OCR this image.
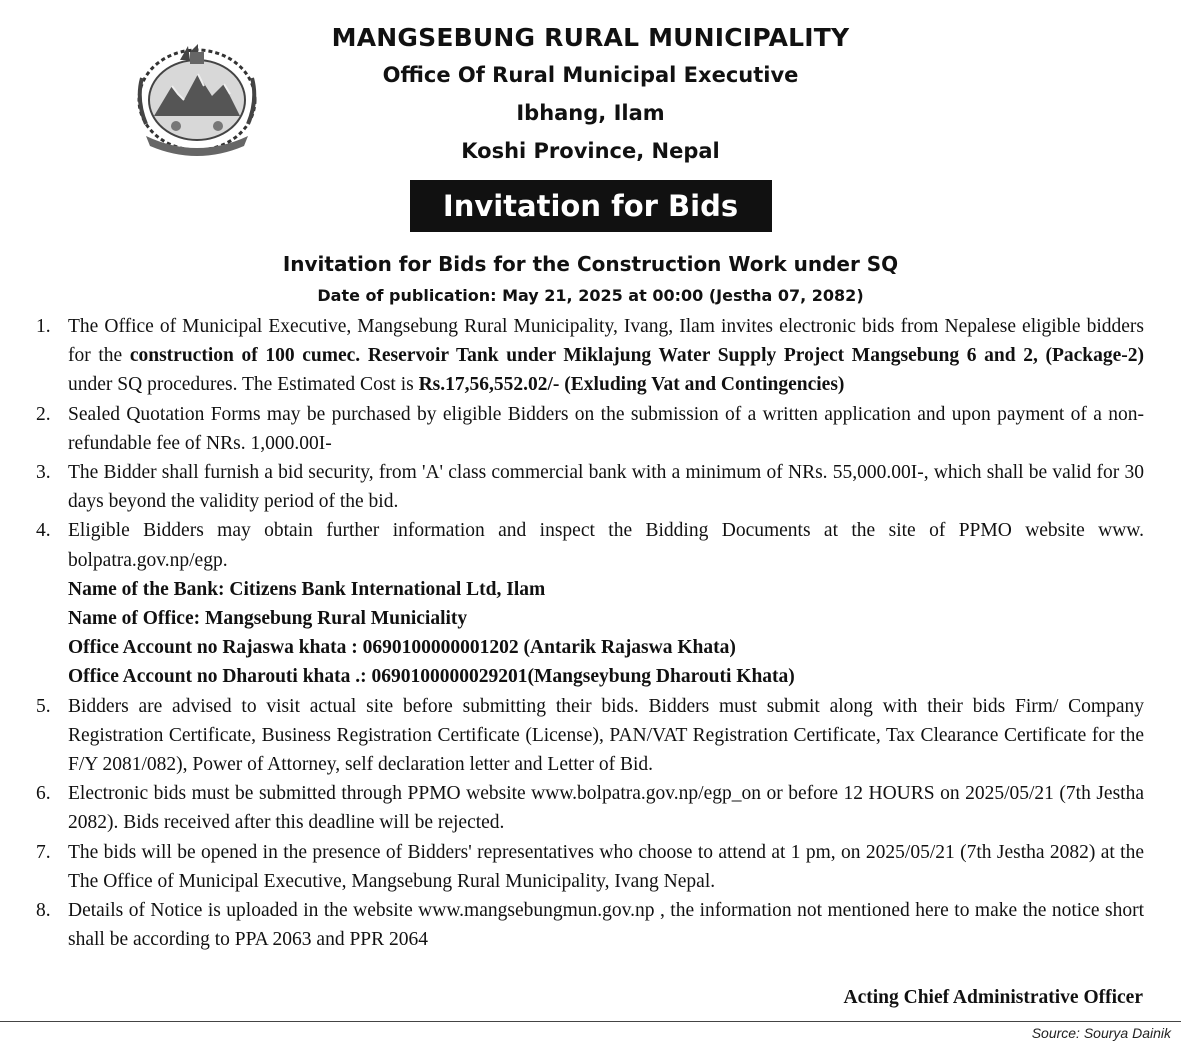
MANGSEBUNG RURAL MUNICIPALITY
Office Of Rural Municipal Executive
Ibhang, Ilam
Koshi Province, Nepal
Invitation for Bids
Invitation for Bids for the Construction Work under SQ
Date of publication: May 21, 2025 at 00:00 (Jestha 07, 2082)
1. The Office of Municipal Executive, Mangsebung Rural Municipality, Ivang, Ilam invites electronic bids from Nepalese eligible bidders for the construction of 100 cumec. Reservoir Tank under Miklajung Water Supply Project Mangsebung 6 and 2, (Package-2) under SQ procedures. The Estimated Cost is Rs.17,56,552.02/- (Exluding Vat and Contingencies)
2. Sealed Quotation Forms may be purchased by eligible Bidders on the submission of a written application and upon payment of a non-refundable fee of NRs. 1,000.00I-
3. The Bidder shall furnish a bid security, from 'A' class commercial bank with a minimum of NRs. 55,000.00I-, which shall be valid for 30 days beyond the validity period of the bid.
4. Eligible Bidders may obtain further information and inspect the Bidding Documents at the site of PPMO website www. bolpatra.gov.np/egp.
Name of the Bank: Citizens Bank International Ltd, Ilam
Name of Office: Mangsebung Rural Municiality
Office Account no Rajaswa khata : 0690100000001202 (Antarik Rajaswa Khata)
Office Account no Dharouti khata .: 0690100000029201(Mangseybung Dharouti Khata)
5. Bidders are advised to visit actual site before submitting their bids. Bidders must submit along with their bids Firm/ Company Registration Certificate, Business Registration Certificate (License), PAN/VAT Registration Certificate, Tax Clearance Certificate for the F/Y 2081/082), Power of Attorney, self declaration letter and Letter of Bid.
6. Electronic bids must be submitted through PPMO website www.bolpatra.gov.np/egp_on or before 12 HOURS on 2025/05/21 (7th Jestha 2082). Bids received after this deadline will be rejected.
7. The bids will be opened in the presence of Bidders' representatives who choose to attend at 1 pm, on 2025/05/21 (7th Jestha 2082) at the The Office of Municipal Executive, Mangsebung Rural Municipality, Ivang Nepal.
8. Details of Notice is uploaded in the website www.mangsebungmun.gov.np , the information not mentioned here to make the notice short shall be according to PPA 2063 and PPR 2064
Acting Chief Administrative Officer
Source: Sourya Dainik
